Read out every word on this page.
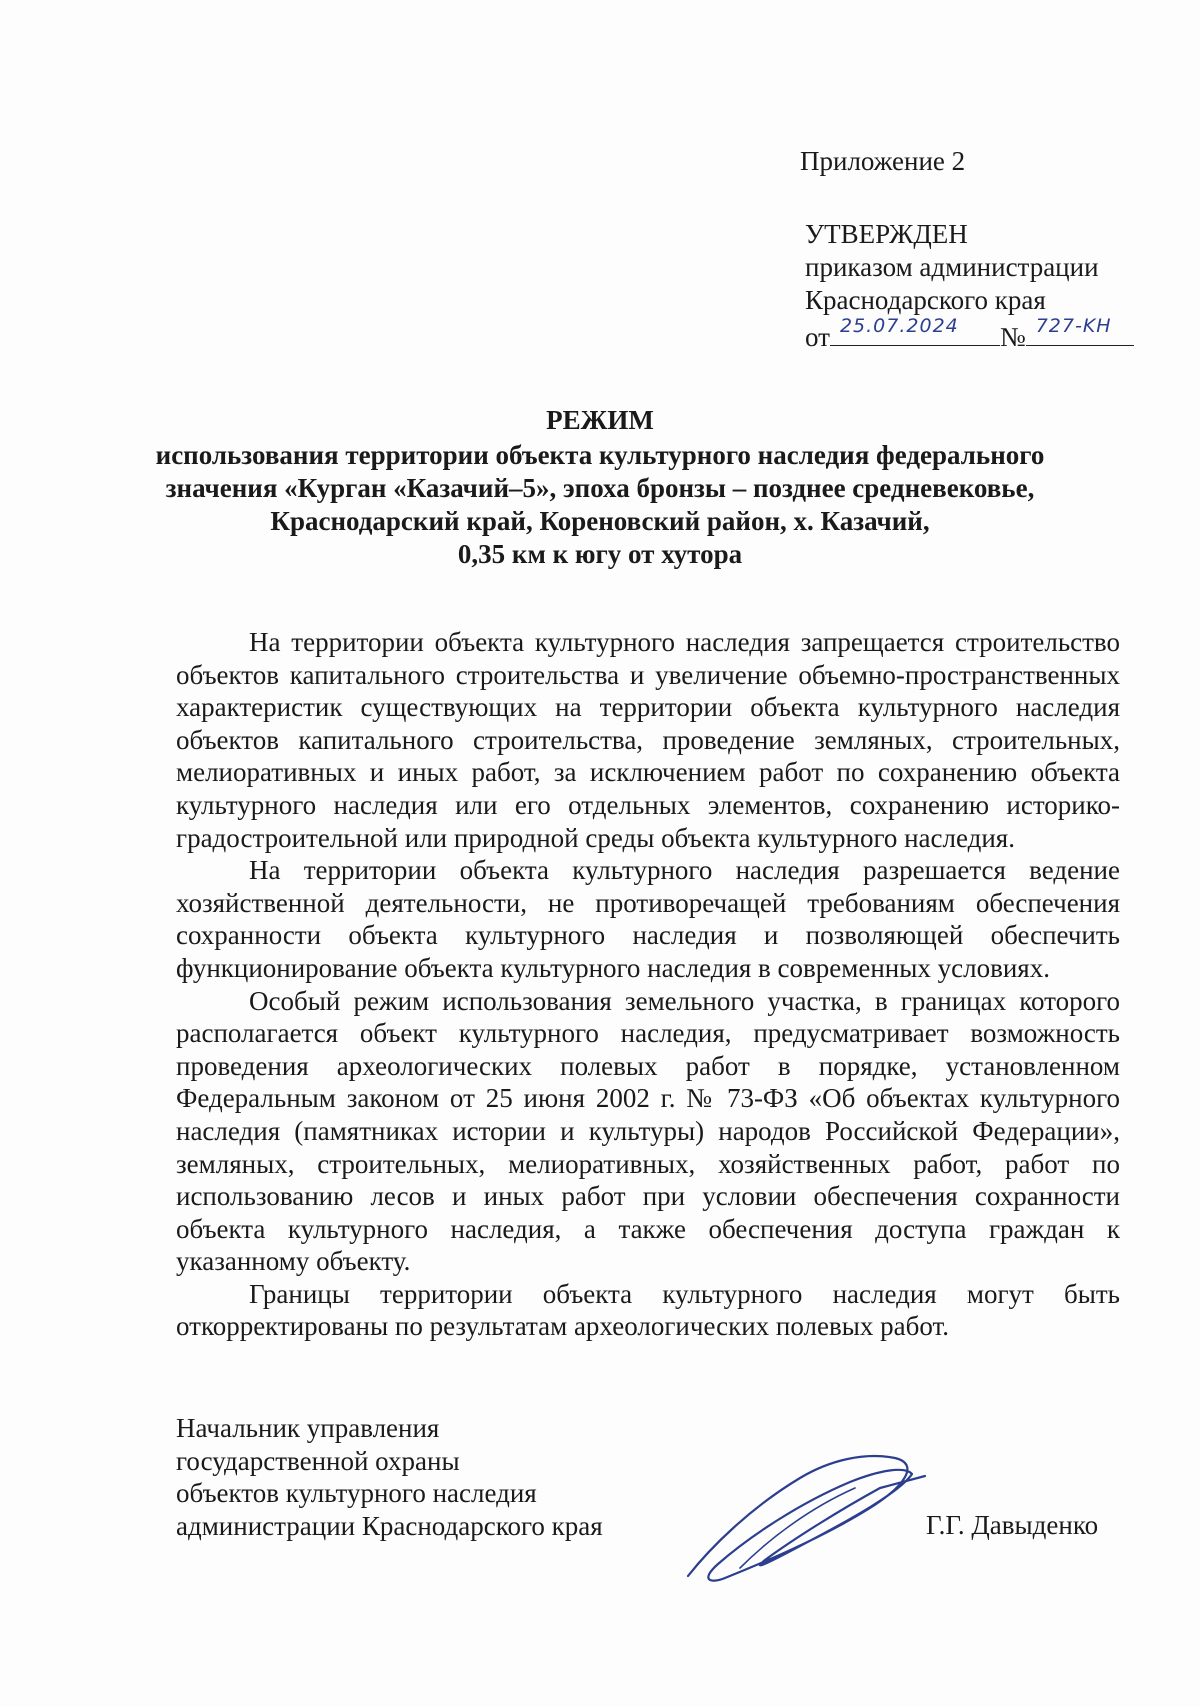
Приложение 2
УТВЕРЖДЕН
приказом администрации
Краснодарского края
от 25.07.2024 № 727-KH
РЕЖИМ
использования территории объекта культурного наследия федерального
значения «Курган «Казачий–5», эпоха бронзы – позднее средневековье,
Краснодарский край, Кореновский район, х. Казачий,
0,35 км к югу от хутора

На территории объекта культурного наследия запрещается строительство объектов капитального строительства и увеличение объемно-пространственных характеристик существующих на территории объекта культурного наследия объектов капитального строительства, проведение земляных, строительных, мелиоративных и иных работ, за исключением работ по сохранению объекта культурного наследия или его отдельных элементов, сохранению историко-градостроительной или природной среды объекта культурного наследия.

На территории объекта культурного наследия разрешается ведение хозяйственной деятельности, не противоречащей требованиям обеспечения сохранности объекта культурного наследия и позволяющей обеспечить функционирование объекта культурного наследия в современных условиях.

Особый режим использования земельного участка, в границах которого располагается объект культурного наследия, предусматривает возможность проведения археологических полевых работ в порядке, установленном Федеральным законом от 25 июня 2002 г. № 73-ФЗ «Об объектах культурного наследия (памятниках истории и культуры) народов Российской Федерации», земляных, строительных, мелиоративных, хозяйственных работ, работ по использованию лесов и иных работ при условии обеспечения сохранности объекта культурного наследия, а также обеспечения доступа граждан к указанному объекту.

Границы территории объекта культурного наследия могут быть откорректированы по результатам археологических полевых работ.

Начальник управления
государственной охраны
объектов культурного наследия
администрации Краснодарского края	Г.Г. Давыденко
